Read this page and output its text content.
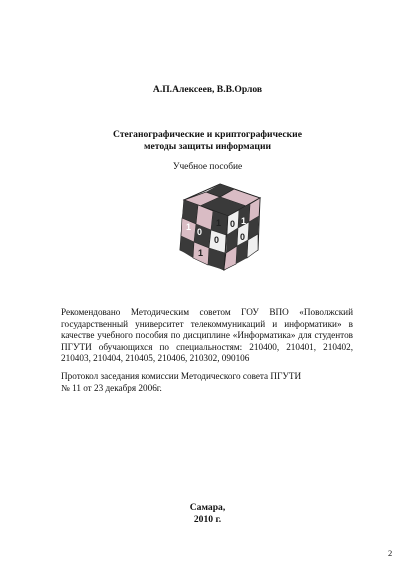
А.П.Алексеев, В.В.Орлов
Стеганографические и криптографические
методы защиты информации
Учебное пособие
0
1
1
0
1
0 1
0

Рекомендовано Методическим советом ГОУ ВПО «Поволжский государственный университет телекоммуникаций и информатики» в качестве учебного пособия по дисциплине «Информатика» для студентов ПГУТИ обучающихся по специальностям: 210400, 210401, 210402, 210403, 210404, 210405, 210406, 210302, 090106

Протокол заседания комиссии Методического совета ПГУТИ

№ 11 от 23 декабря 2006г.

Самара,
2010 г.
2
